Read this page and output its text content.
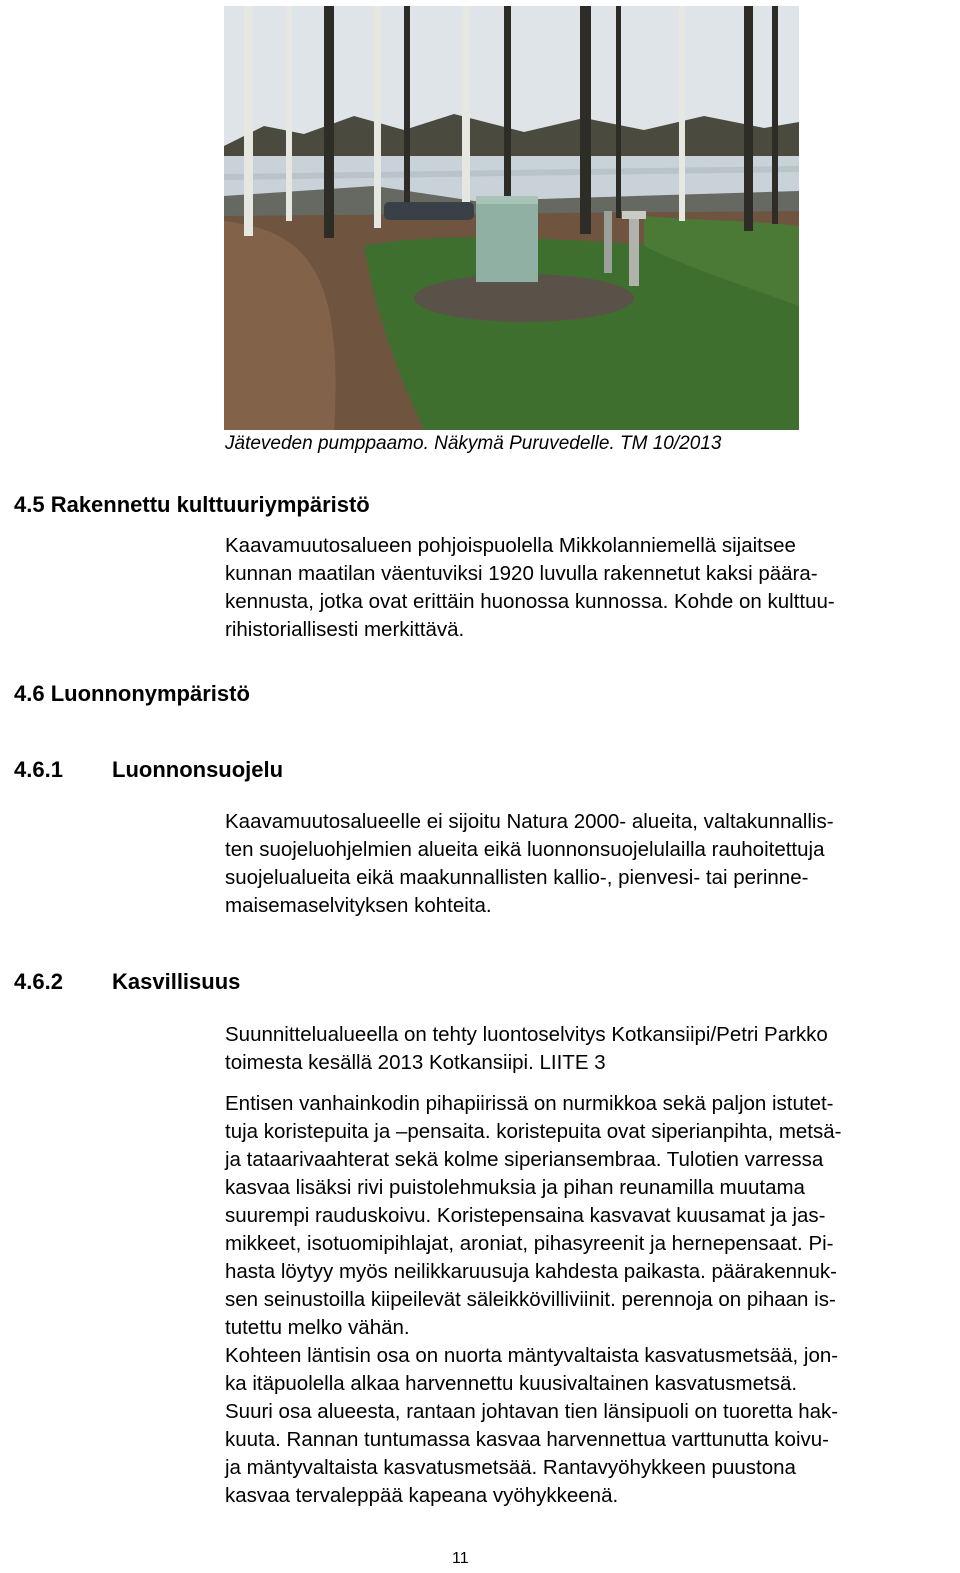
Jäteveden pumppaamo. Näkymä Puruvedelle. TM 10/2013
4.5 Rakennettu kulttuuriympäristö
Kaavamuutosalueen pohjoispuolella Mikkolanniemellä sijaitsee
kunnan maatilan väentuviksi 1920 luvulla rakennetut kaksi päära-
kennusta, jotka ovat erittäin huonossa kunnossa. Kohde on kulttuu-
rihistoriallisesti merkittävä.
4.6 Luonnonympäristö
4.6.1 Luonnonsuojelu
Kaavamuutosalueelle ei sijoitu Natura 2000- alueita, valtakunnallis-
ten suojeluohjelmien alueita eikä luonnonsuojelulailla rauhoitettuja
suojelualueita eikä maakunnallisten kallio-, pienvesi- tai perinne-
maisemaselvityksen kohteita.
4.6.2 Kasvillisuus
Suunnittelualueella on tehty luontoselvitys Kotkansiipi/Petri Parkko
toimesta kesällä 2013 Kotkansiipi. LIITE 3
Entisen vanhainkodin pihapiirissä on nurmikkoa sekä paljon istutet-
tuja koristepuita ja –pensaita. koristepuita ovat siperianpihta, metsä-
ja tataarivaahterat sekä kolme siperiansembraa. Tulotien varressa
kasvaa lisäksi rivi puistolehmuksia ja pihan reunamilla muutama
suurempi rauduskoivu. Koristepensaina kasvavat kuusamat ja jas-
mikkeet, isotuomipihlajat, aroniat, pihasyreenit ja hernepensaat. Pi-
hasta löytyy myös neilikkaruusuja kahdesta paikasta. päärakennuk-
sen seinustoilla kiipeilevät säleikkövilliviinit. perennoja on pihaan is-
tutettu melko vähän.
Kohteen läntisin osa on nuorta mäntyvaltaista kasvatusmetsää, jon-
ka itäpuolella alkaa harvennettu kuusivaltainen kasvatusmetsä.
Suuri osa alueesta, rantaan johtavan tien länsipuoli on tuoretta hak-
kuuta. Rannan tuntumassa kasvaa harvennettua varttunutta koivu-
ja mäntyvaltaista kasvatusmetsää. Rantavyöhykkeen puustona
kasvaa tervaleppää kapeana vyöhykkeenä.
11
